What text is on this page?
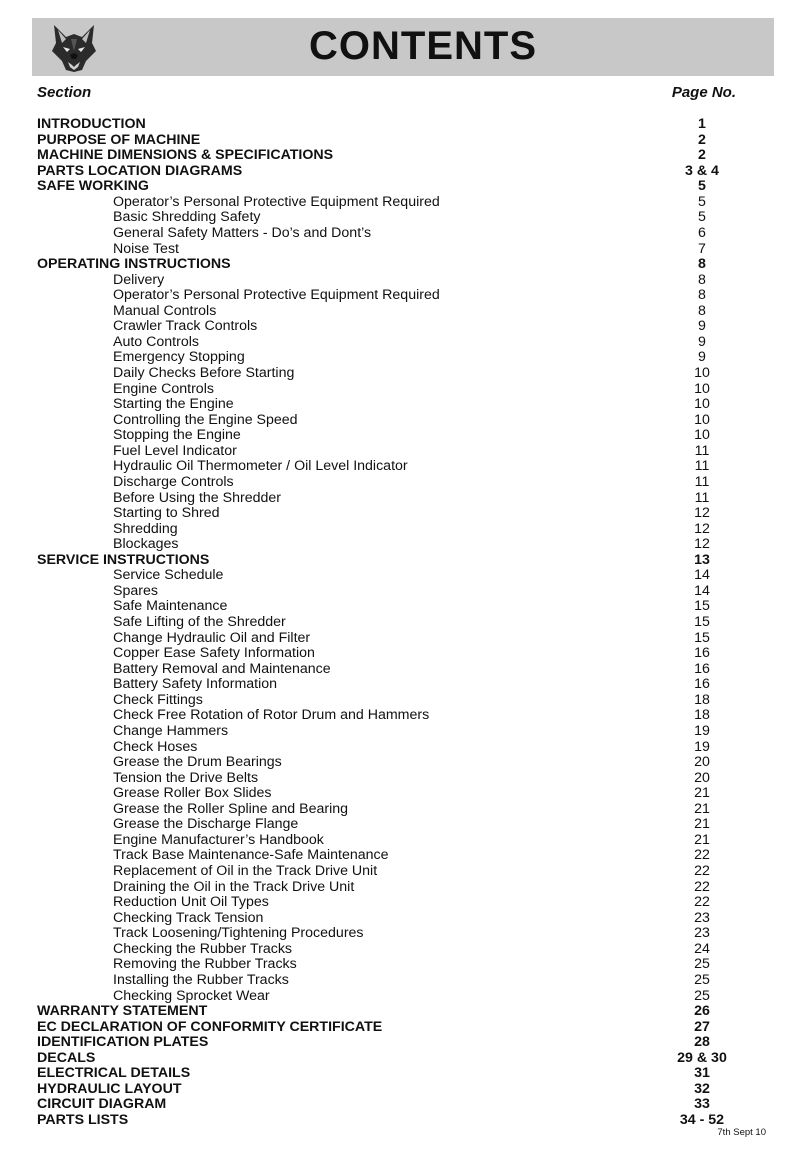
CONTENTS
Section	Page No.
INTRODUCTION	1
PURPOSE OF MACHINE	2
MACHINE DIMENSIONS & SPECIFICATIONS	2
PARTS LOCATION DIAGRAMS	3 & 4
SAFE WORKING	5
Operator’s Personal Protective Equipment Required	5
Basic Shredding Safety	5
General Safety Matters - Do’s and Dont’s	6
Noise Test	7
OPERATING INSTRUCTIONS	8
Delivery	8
Operator’s Personal Protective Equipment Required	8
Manual Controls	8
Crawler Track Controls	9
Auto Controls	9
Emergency Stopping	9
Daily Checks Before Starting	10
Engine Controls	10
Starting the Engine	10
Controlling the Engine Speed	10
Stopping the Engine	10
Fuel Level Indicator	11
Hydraulic Oil Thermometer / Oil Level Indicator	11
Discharge Controls	11
Before Using the Shredder	11
Starting to Shred	12
Shredding	12
Blockages	12
SERVICE INSTRUCTIONS	13
Service Schedule	14
Spares	14
Safe Maintenance	15
Safe Lifting of the Shredder	15
Change Hydraulic Oil and Filter	15
Copper Ease Safety Information	16
Battery Removal and Maintenance	16
Battery Safety Information	16
Check Fittings	18
Check Free Rotation of Rotor Drum and Hammers	18
Change Hammers	19
Check Hoses	19
Grease the Drum Bearings	20
Tension the Drive Belts	20
Grease Roller Box Slides	21
Grease the Roller Spline and Bearing	21
Grease the Discharge Flange	21
Engine Manufacturer’s Handbook	21
Track Base Maintenance-Safe Maintenance	22
Replacement of Oil in the Track Drive Unit	22
Draining the Oil in the Track Drive Unit	22
Reduction Unit Oil Types	22
Checking Track Tension	23
Track Loosening/Tightening Procedures	23
Checking the Rubber Tracks	24
Removing the Rubber Tracks	25
Installing the Rubber Tracks	25
Checking Sprocket Wear	25
WARRANTY STATEMENT	26
EC DECLARATION OF CONFORMITY CERTIFICATE	27
IDENTIFICATION PLATES	28
DECALS	29 & 30
ELECTRICAL DETAILS	31
HYDRAULIC LAYOUT	32
CIRCUIT DIAGRAM	33
PARTS LISTS	34 - 52
7th Sept 10
